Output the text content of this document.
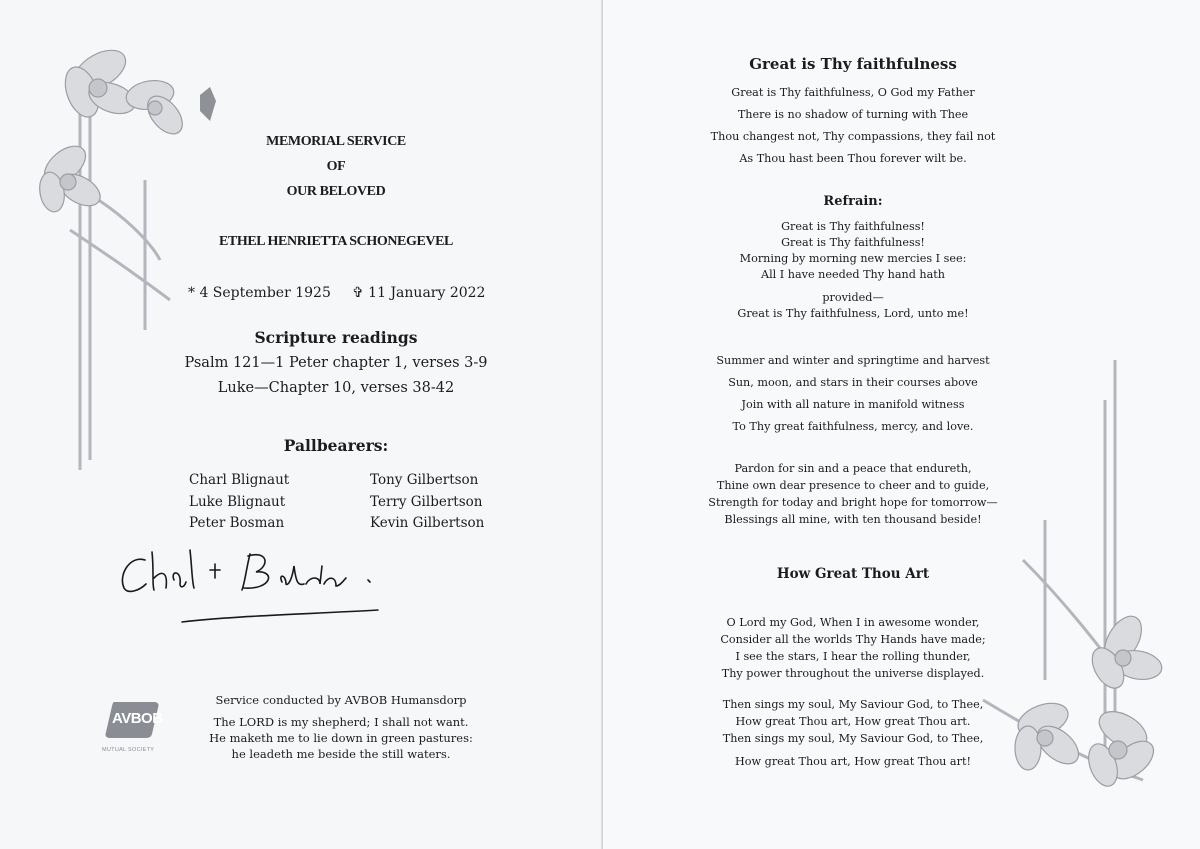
MEMORIAL SERVICE
OF
OUR BELOVED
ETHEL HENRIETTA SCHONEGEVEL
* 4 September 1925 ✞ 11 January 2022
Scripture readings
Psalm 121—1 Peter chapter 1, verses 3-9
Luke—Chapter 10, verses 38-42
Pallbearers:
Charl Blignaut
Luke Blignaut
Peter Bosman
Tony Gilbertson
Terry Gilbertson
Kevin Gilbertson
AVBOB
MUTUAL SOCIETY
Service conducted by AVBOB Humansdorp
The LORD is my shepherd; I shall not want.
He maketh me to lie down in green pastures:
he leadeth me beside the still waters.
Great is Thy faithfulness
Great is Thy faithfulness, O God my Father
There is no shadow of turning with Thee
Thou changest not, Thy compassions, they fail not
As Thou hast been Thou forever wilt be.
Refrain:
Great is Thy faithfulness!
Great is Thy faithfulness!
Morning by morning new mercies I see:
All I have needed Thy hand hath
provided—
Great is Thy faithfulness, Lord, unto me!
Summer and winter and springtime and harvest
Sun, moon, and stars in their courses above
Join with all nature in manifold witness
To Thy great faithfulness, mercy, and love.
Pardon for sin and a peace that endureth,
Thine own dear presence to cheer and to guide,
Strength for today and bright hope for tomorrow—
Blessings all mine, with ten thousand beside!
How Great Thou Art
O Lord my God, When I in awesome wonder,
Consider all the worlds Thy Hands have made;
I see the stars, I hear the rolling thunder,
Thy power throughout the universe displayed.
Then sings my soul, My Saviour God, to Thee,
How great Thou art, How great Thou art.
Then sings my soul, My Saviour God, to Thee,
How great Thou art, How great Thou art!
